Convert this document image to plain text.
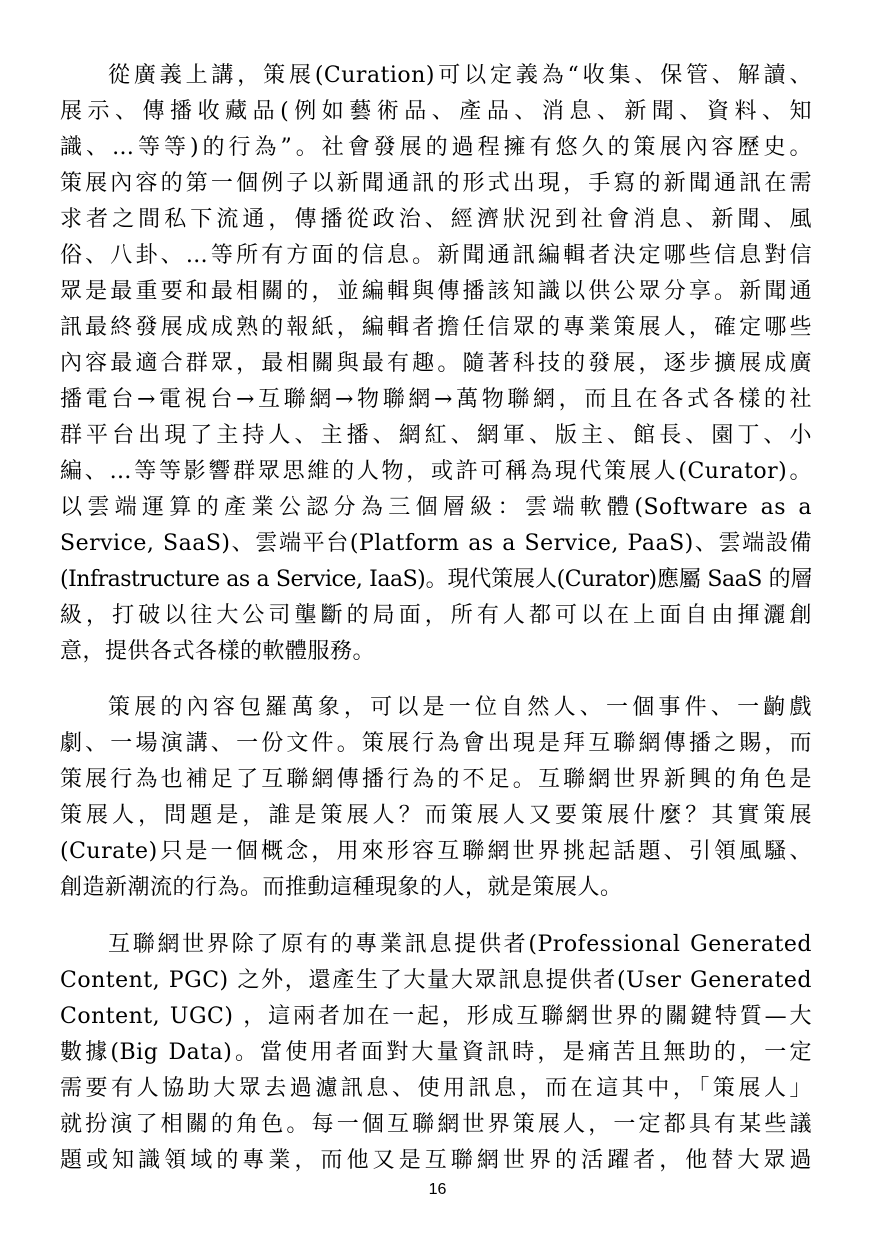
從廣義上講，策展(Curation)可以定義為“收集、保管、解讀、
展示、傳播收藏品(例如藝術品、產品、消息、新聞、資料、知
識、…等等)的行為”。社會發展的過程擁有悠久的策展內容歷史。
策展內容的第一個例子以新聞通訊的形式出現，手寫的新聞通訊在需
求者之間私下流通，傳播從政治、經濟狀況到社會消息、新聞、風
俗、八卦、…等所有方面的信息。新聞通訊編輯者決定哪些信息對信
眾是最重要和最相關的，並編輯與傳播該知識以供公眾分享。新聞通
訊最終發展成成熟的報紙，編輯者擔任信眾的專業策展人，確定哪些
內容最適合群眾，最相關與最有趣。隨著科技的發展，逐步擴展成廣
播電台→電視台→互聯網→物聯網→萬物聯網，而且在各式各樣的社
群平台出現了主持人、主播、網紅、網軍、版主、館長、園丁、小
編、…等等影響群眾思維的人物，或許可稱為現代策展人(Curator)。
以雲端運算的產業公認分為三個層級：雲端軟體(Software as a
Service, SaaS)、雲端平台(Platform as a Service, PaaS)、雲端設備
(Infrastructure as a Service, IaaS)。現代策展人(Curator)應屬 SaaS 的層
級，打破以往大公司壟斷的局面，所有人都可以在上面自由揮灑創
意，提供各式各樣的軟體服務。
策展的內容包羅萬象，可以是一位自然人、一個事件、一齣戲
劇、一場演講、一份文件。策展行為會出現是拜互聯網傳播之賜，而
策展行為也補足了互聯網傳播行為的不足。互聯網世界新興的角色是
策展人，問題是，誰是策展人？而策展人又要策展什麼？其實策展
(Curate)只是一個概念，用來形容互聯網世界挑起話題、引領風騷、
創造新潮流的行為。而推動這種現象的人，就是策展人。
互聯網世界除了原有的專業訊息提供者(Professional Generated
Content, PGC) 之外，還產生了大量大眾訊息提供者(User Generated
Content, UGC) ，這兩者加在一起，形成互聯網世界的關鍵特質—大
數據(Big Data)。當使用者面對大量資訊時，是痛苦且無助的，一定
需要有人協助大眾去過濾訊息、使用訊息，而在這其中，「策展人」
就扮演了相關的角色。每一個互聯網世界策展人，一定都具有某些議
題或知識領域的專業，而他又是互聯網世界的活躍者，他替大眾過
16
